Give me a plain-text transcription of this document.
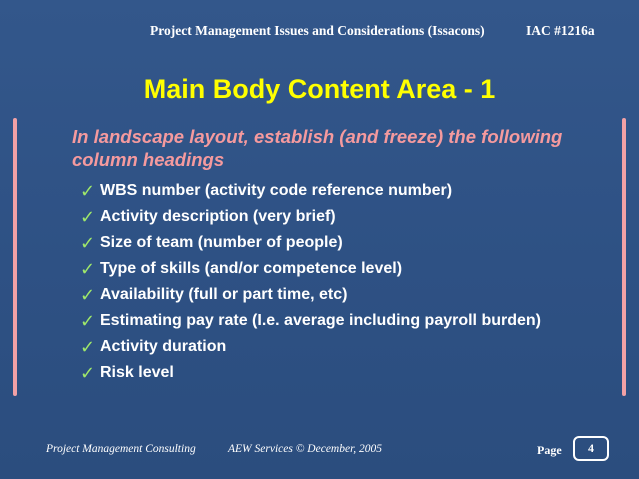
Project Management Issues and Considerations (Issacons)	IAC #1216a
Main Body Content Area - 1
In landscape layout, establish (and freeze) the following column headings
✓ WBS number (activity code reference number)
✓ Activity description (very brief)
✓ Size of team (number of people)
✓ Type of skills (and/or competence level)
✓ Availability (full or part time, etc)
✓ Estimating pay rate (I.e. average including payroll burden)
✓ Activity duration
✓ Risk level
Project Management Consulting	AEW Services © December, 2005	Page 4
